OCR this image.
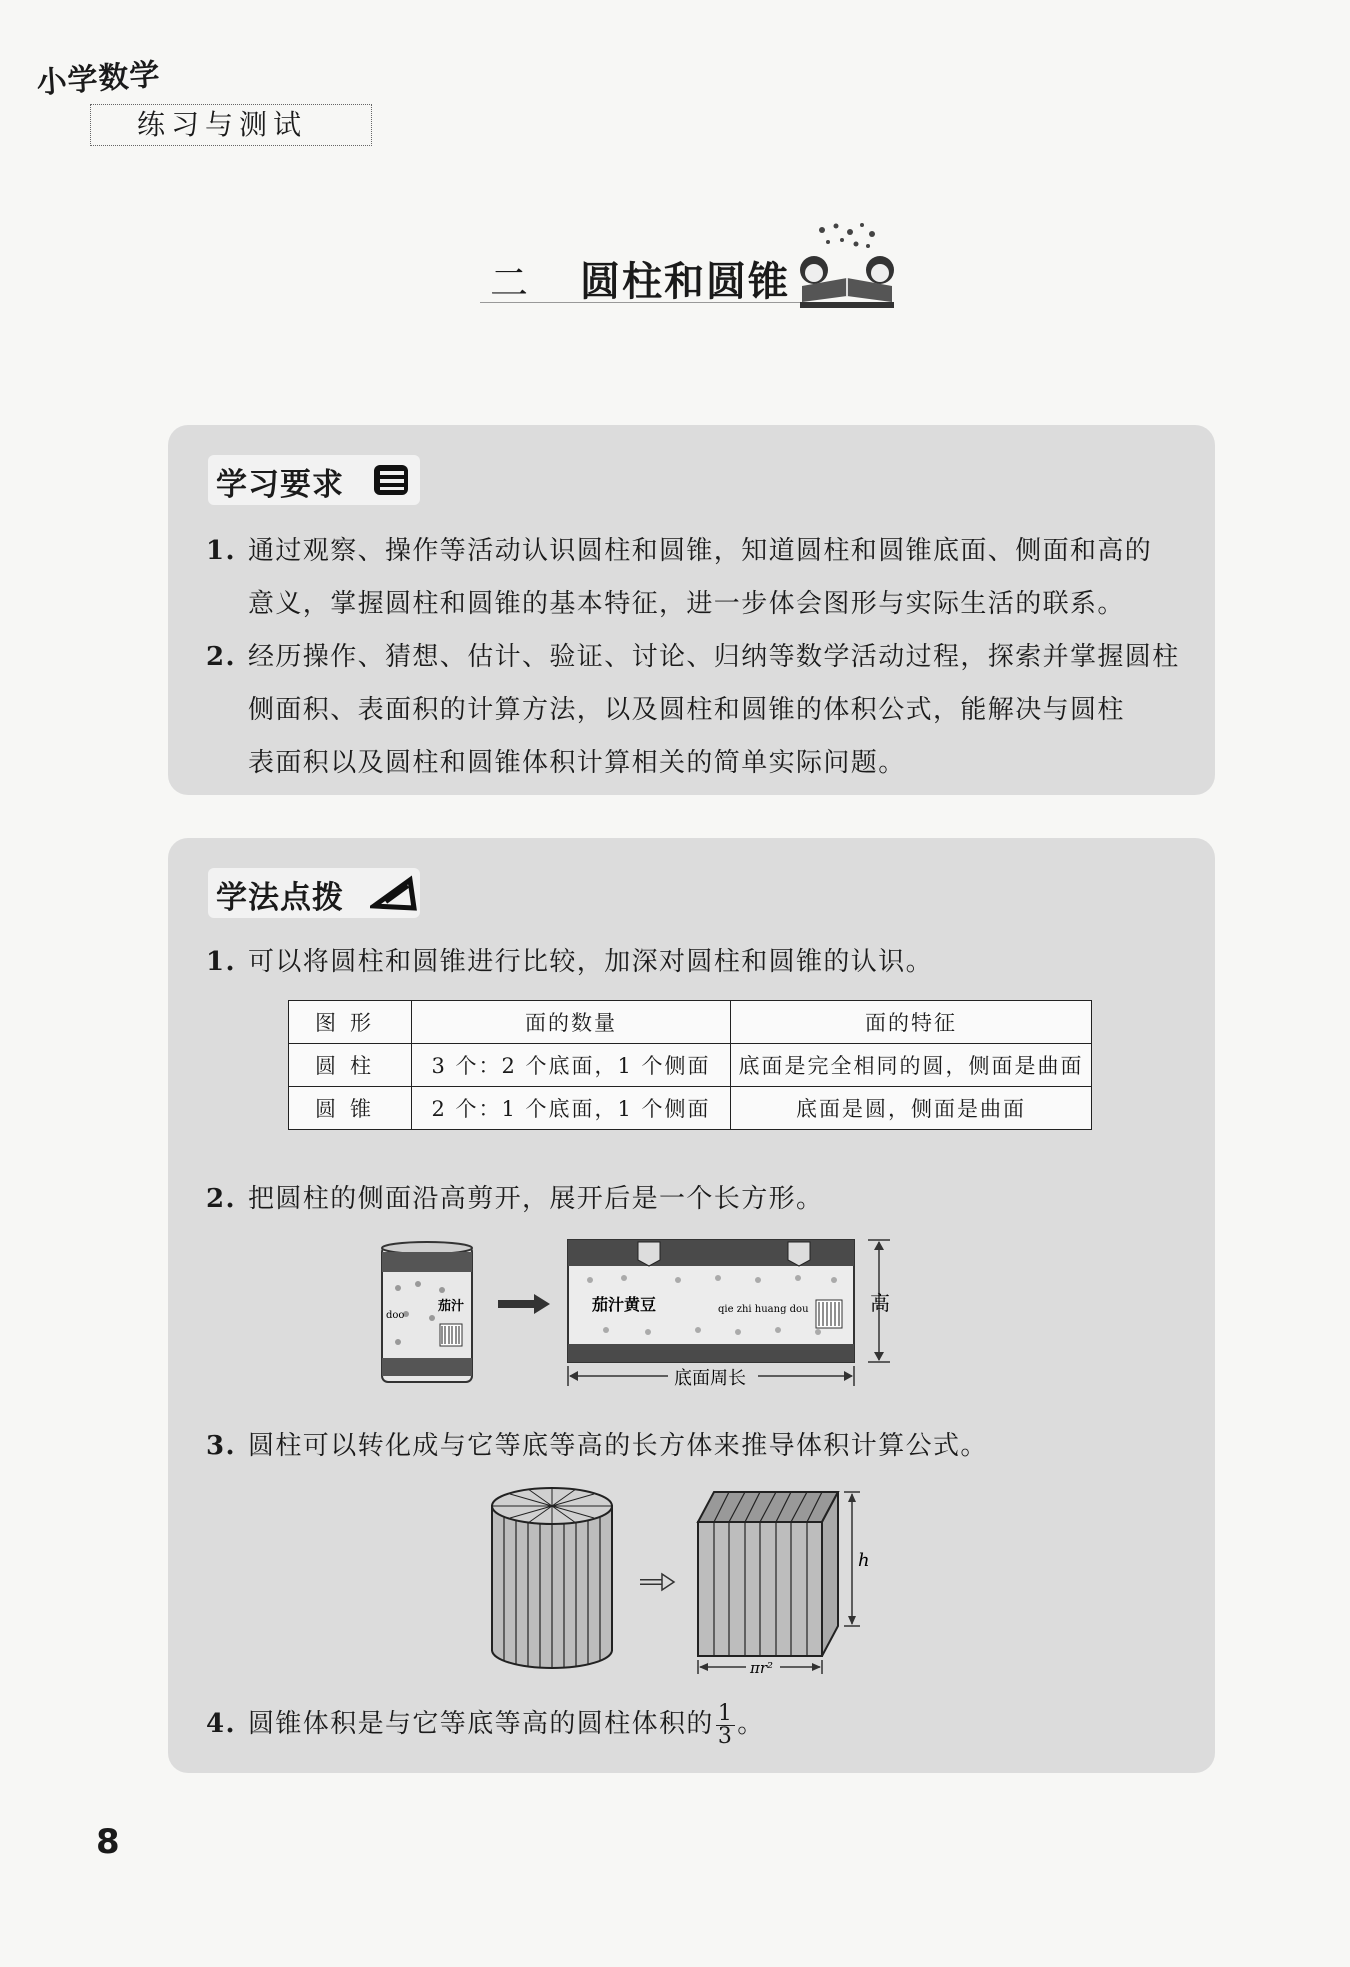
小学数学
练习与测试
二 圆柱和圆锥
学习要求
1. 通过观察、操作等活动认识圆柱和圆锥，知道圆柱和圆锥底面、侧面和高的
意义，掌握圆柱和圆锥的基本特征，进一步体会图形与实际生活的联系。
2. 经历操作、猜想、估计、验证、讨论、归纳等数学活动过程，探索并掌握圆柱
侧面积、表面积的计算方法，以及圆柱和圆锥的体积公式，能解决与圆柱
表面积以及圆柱和圆锥体积计算相关的简单实际问题。
学法点拨
1. 可以将圆柱和圆锥进行比较，加深对圆柱和圆锥的认识。
图形	面的数量	面的特征
圆柱	3 个：2 个底面，1 个侧面	底面是完全相同的圆，侧面是曲面
圆锥	2 个：1 个底面，1 个侧面	底面是圆，侧面是曲面
2. 把圆柱的侧面沿高剪开，展开后是一个长方形。
doo
茄汁	茄汁黄豆	qie zhi huang dou	高
底面周长
3. 圆柱可以转化成与它等底等高的长方体来推导体积计算公式。
h
πr²
4. 圆锥体积是与它等底等高的圆柱体积的 $\frac{1}{3}$ 。
8
